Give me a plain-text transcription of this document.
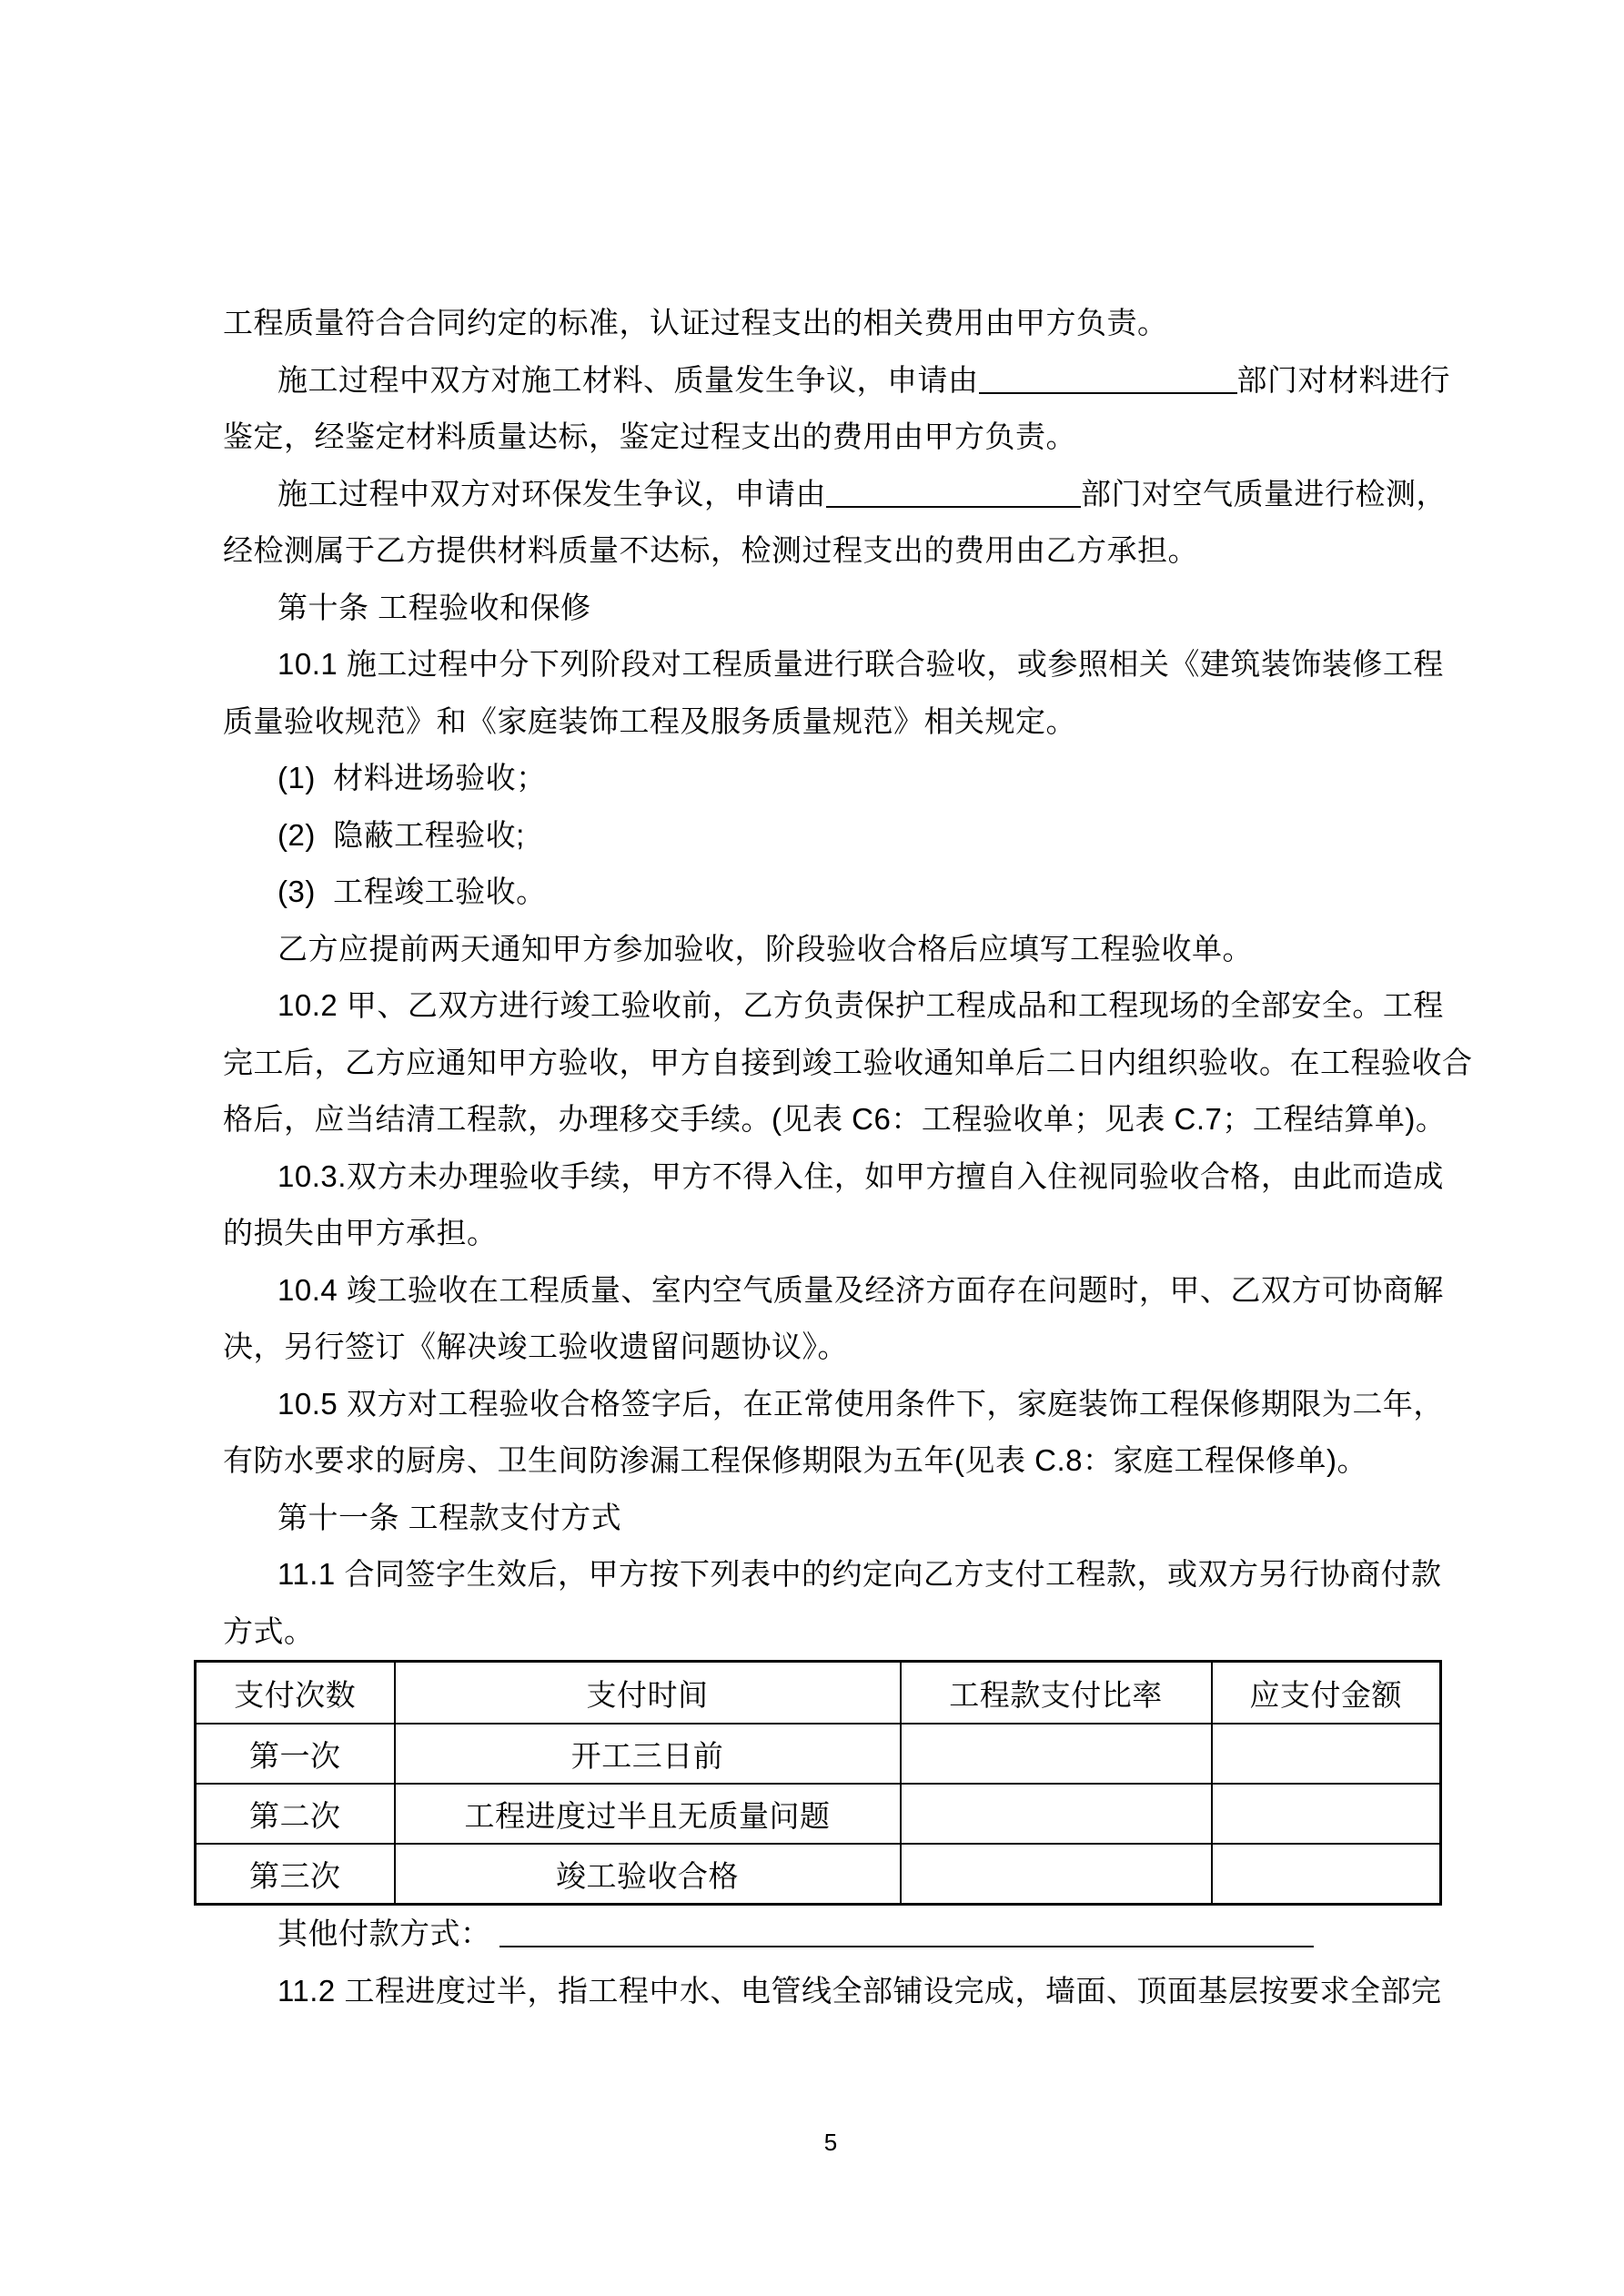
工程质量符合合同约定的标准，认证过程支出的相关费用由甲方负责。
施工过程中双方对施工材料、质量发生争议，申请由	部门对材料进行
鉴定，经鉴定材料质量达标，鉴定过程支出的费用由甲方负责。
施工过程中双方对环保发生争议，申请由	部门对空气质量进行检测，
经检测属于乙方提供材料质量不达标，检测过程支出的费用由乙方承担。
第十条 工程验收和保修
10.1 施工过程中分下列阶段对工程质量进行联合验收，或参照相关《建筑装饰装修工程
质量验收规范》和《家庭装饰工程及服务质量规范》相关规定。
(1)  材料进场验收；
(2)  隐蔽工程验收;
(3)  工程竣工验收。
乙方应提前两天通知甲方参加验收，阶段验收合格后应填写工程验收单。
10.2 甲、乙双方进行竣工验收前，乙方负责保护工程成品和工程现场的全部安全。工程
完工后，乙方应通知甲方验收，甲方自接到竣工验收通知单后二日内组织验收。在工程验收合
格后，应当结清工程款，办理移交手续。(见表 C6：工程验收单；见表 C.7；工程结算单)。
10.3.双方未办理验收手续，甲方不得入住，如甲方擅自入住视同验收合格，由此而造成
的损失由甲方承担。
10.4 竣工验收在工程质量、室内空气质量及经济方面存在问题时，甲、乙双方可协商解
决，另行签订《解决竣工验收遗留问题协议》。
10.5 双方对工程验收合格签字后，在正常使用条件下，家庭装饰工程保修期限为二年，
有防水要求的厨房、卫生间防渗漏工程保修期限为五年(见表 C.8：家庭工程保修单)。
第十一条 工程款支付方式
11.1 合同签字生效后，甲方按下列表中的约定向乙方支付工程款，或双方另行协商付款
方式。
支付次数	支付时间	工程款支付比率	应支付金额
第一次	开工三日前		
第二次	工程进度过半且无质量问题		
第三次	竣工验收合格		
其他付款方式：
11.2 工程进度过半，指工程中水、电管线全部铺设完成，墙面、顶面基层按要求全部完
5
